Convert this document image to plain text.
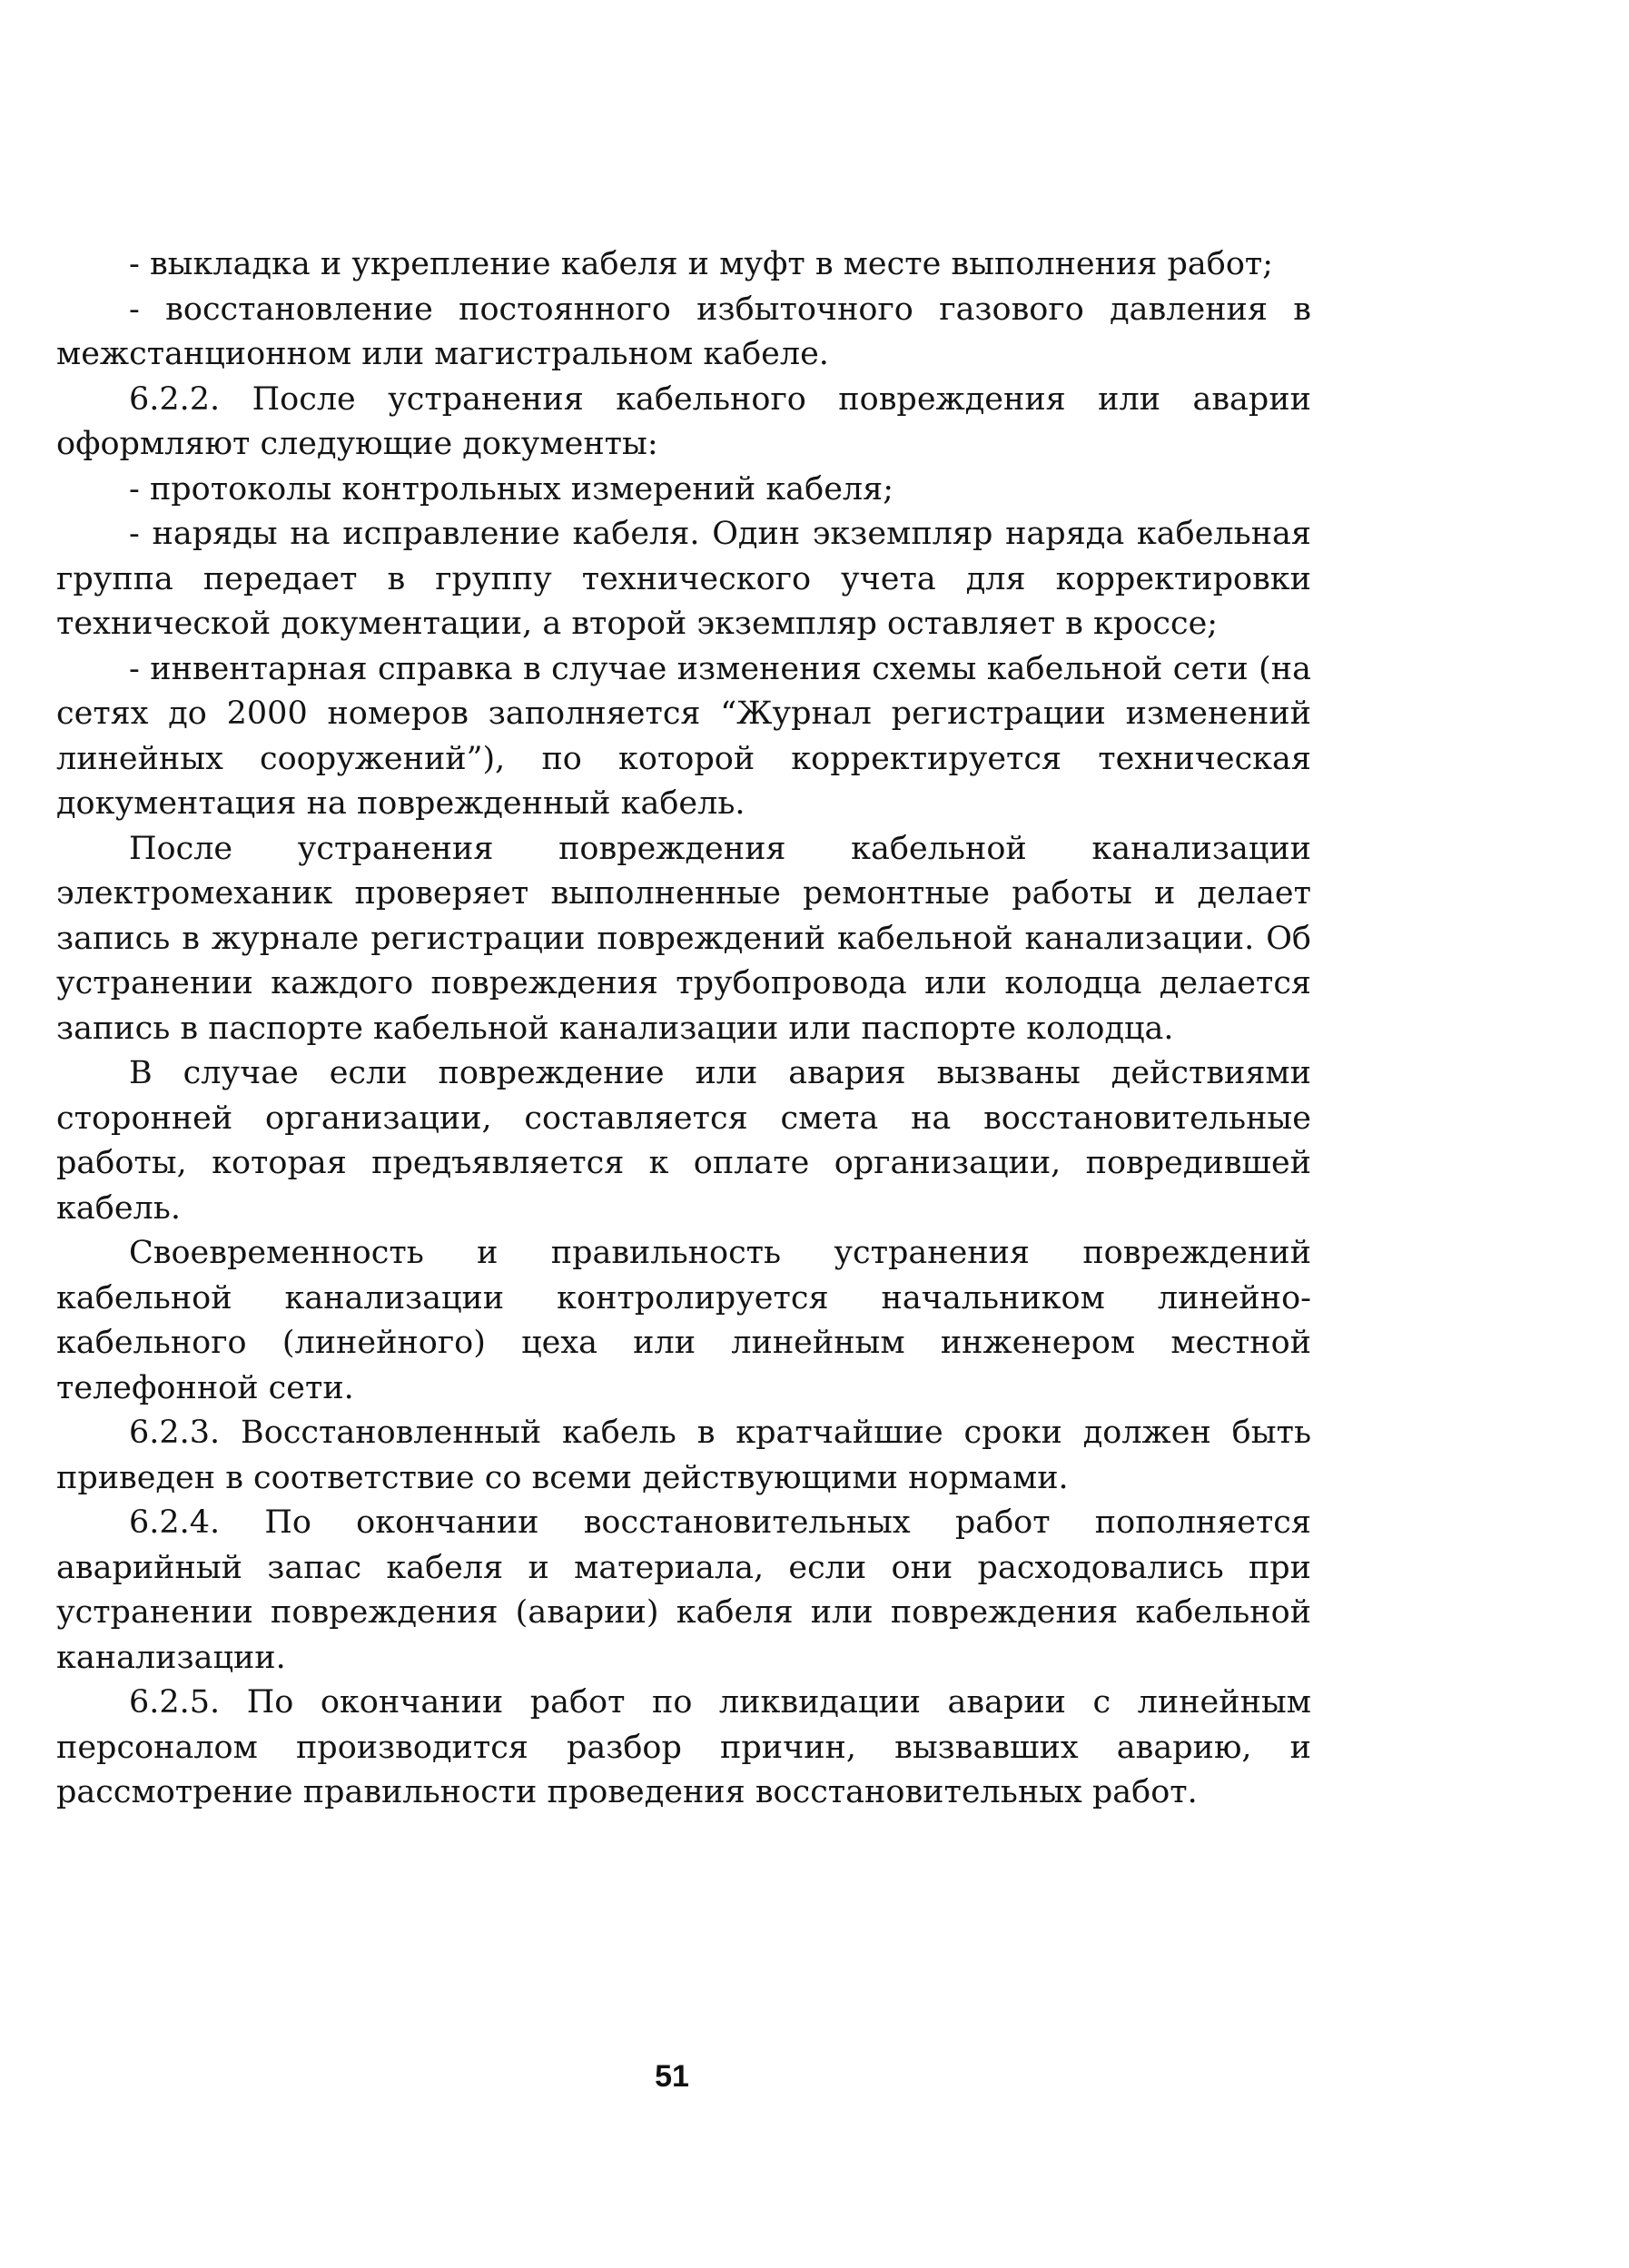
- выкладка и укрепление кабеля и муфт в месте выполнения работ;

- восстановление постоянного избыточного газового давления в межстанционном или магистральном кабеле.

6.2.2. После устранения кабельного повреждения или аварии оформляют следующие документы:

- протоколы контрольных измерений кабеля;

- наряды на исправление кабеля. Один экземпляр наряда кабельная группа передает в группу технического учета для корректировки технической документации, а второй экземпляр оставляет в кроссе;

- инвентарная справка в случае изменения схемы кабельной сети (на сетях до 2000 номеров заполняется “Журнал регистрации изменений линейных сооружений”), по которой корректируется техническая документация на поврежденный кабель.

После устранения повреждения кабельной канализации электромеханик проверяет выполненные ремонтные работы и делает запись в журнале регистрации повреждений кабельной канализации. Об устранении каждого повреждения трубопровода или колодца делается запись в паспорте кабельной канализации или паспорте колодца.

В случае если повреждение или авария вызваны действиями сторонней организации, составляется смета на восстановительные работы, которая предъявляется к оплате организации, повредившей кабель.

Своевременность и правильность устранения повреждений кабельной канализации контролируется начальником линейно-кабельного (линейного) цеха или линейным инженером местной телефонной сети.

6.2.3. Восстановленный кабель в кратчайшие сроки должен быть приведен в соответствие со всеми действующими нормами.

6.2.4. По окончании восстановительных работ пополняется аварийный запас кабеля и материала, если они расходовались при устранении повреждения (аварии) кабеля или повреждения кабельной канализации.

6.2.5. По окончании работ по ликвидации аварии с линейным персоналом производится разбор причин, вызвавших аварию, и рассмотрение правильности проведения восстановительных работ.

51
